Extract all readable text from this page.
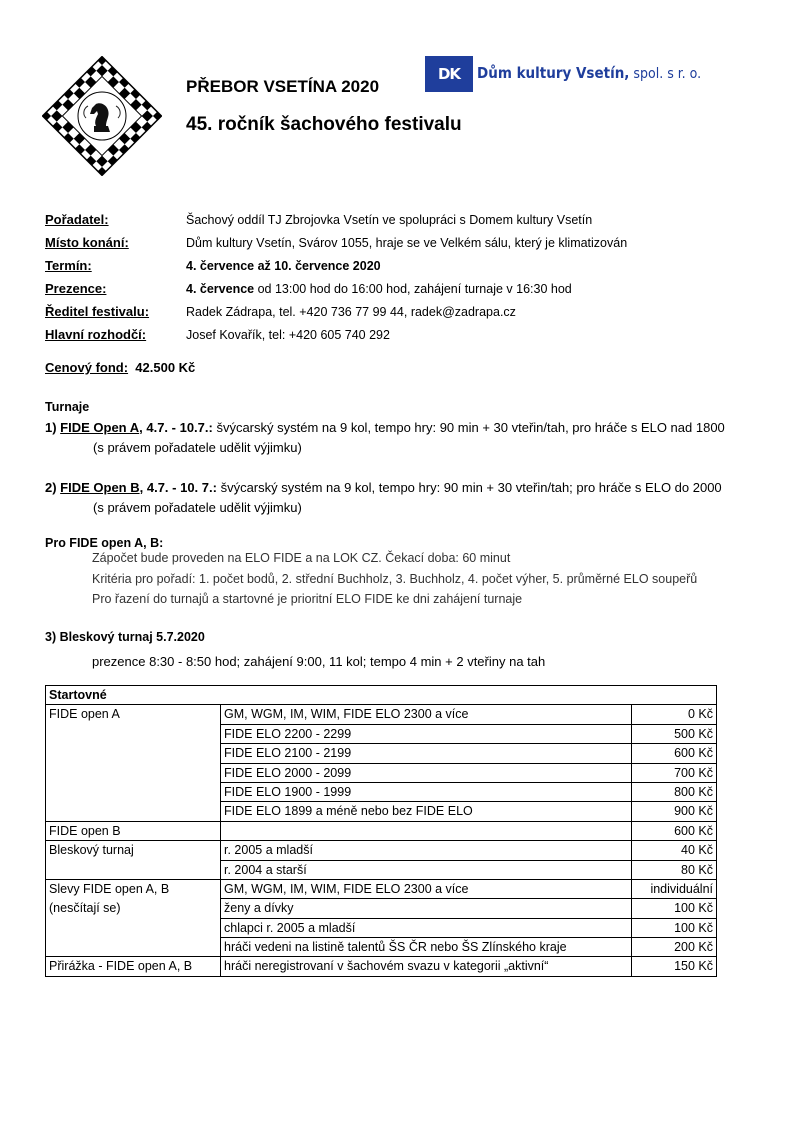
PŘEBOR VSETÍNA 2020
45. ročník šachového festivalu
DK	Dům kultury Vsetín, spol. s r. o.
Pořadatel:	Šachový oddíl TJ Zbrojovka Vsetín ve spolupráci s Domem kultury Vsetín
Místo konání:	Dům kultury Vsetín, Svárov 1055, hraje se ve Velkém sálu, který je klimatizován
Termín:	4. července až 10. července 2020
Prezence:	4. července od 13:00 hod do 16:00 hod, zahájení turnaje v 16:30 hod
Ředitel festivalu:	Radek Zádrapa, tel. +420 736 77 99 44, radek@zadrapa.cz
Hlavní rozhodčí:	Josef Kovařík, tel: +420 605 740 292
Cenový fond: 42.500 Kč
Turnaje
1) FIDE Open A, 4.7. - 10.7.: švýcarský systém na 9 kol, tempo hry: 90 min + 30 vteřin/tah, pro hráče s ELO nad 1800
(s právem pořadatele udělit výjimku)
2) FIDE Open B, 4.7. - 10. 7.: švýcarský systém na 9 kol, tempo hry: 90 min + 30 vteřin/tah; pro hráče s ELO do 2000
(s právem pořadatele udělit výjimku)
Pro FIDE open A, B:
Zápočet bude proveden na ELO FIDE a na LOK CZ. Čekací doba: 60 minut
Kritéria pro pořadí: 1. počet bodů, 2. střední Buchholz, 3. Buchholz, 4. počet výher, 5. průměrné ELO soupeřů
Pro řazení do turnajů a startovné je prioritní ELO FIDE ke dni zahájení turnaje
3) Bleskový turnaj 5.7.2020
prezence 8:30 - 8:50 hod; zahájení 9:00, 11 kol; tempo 4 min + 2 vteřiny na tah
Startovné		
FIDE open A	GM, WGM, IM, WIM, FIDE ELO 2300 a více	0 Kč
	FIDE ELO 2200 - 2299	500 Kč
	FIDE ELO 2100 - 2199	600 Kč
	FIDE ELO 2000 - 2099	700 Kč
	FIDE ELO 1900 - 1999	800 Kč
	FIDE ELO 1899 a méně nebo bez FIDE ELO	900 Kč
FIDE open B		600 Kč
Bleskový turnaj	r. 2005 a mladší	40 Kč
	r. 2004 a starší	80 Kč
Slevy FIDE open A, B	GM, WGM, IM, WIM, FIDE ELO 2300 a více	individuální
(nesčítají se)	ženy a dívky	100 Kč
	chlapci r. 2005 a mladší	100 Kč
	hráči vedeni na listině talentů ŠS ČR nebo ŠS Zlínského kraje	200 Kč
Přirážka - FIDE open A, B	hráči neregistrovaní v šachovém svazu v kategorii „aktivní“	150 Kč
